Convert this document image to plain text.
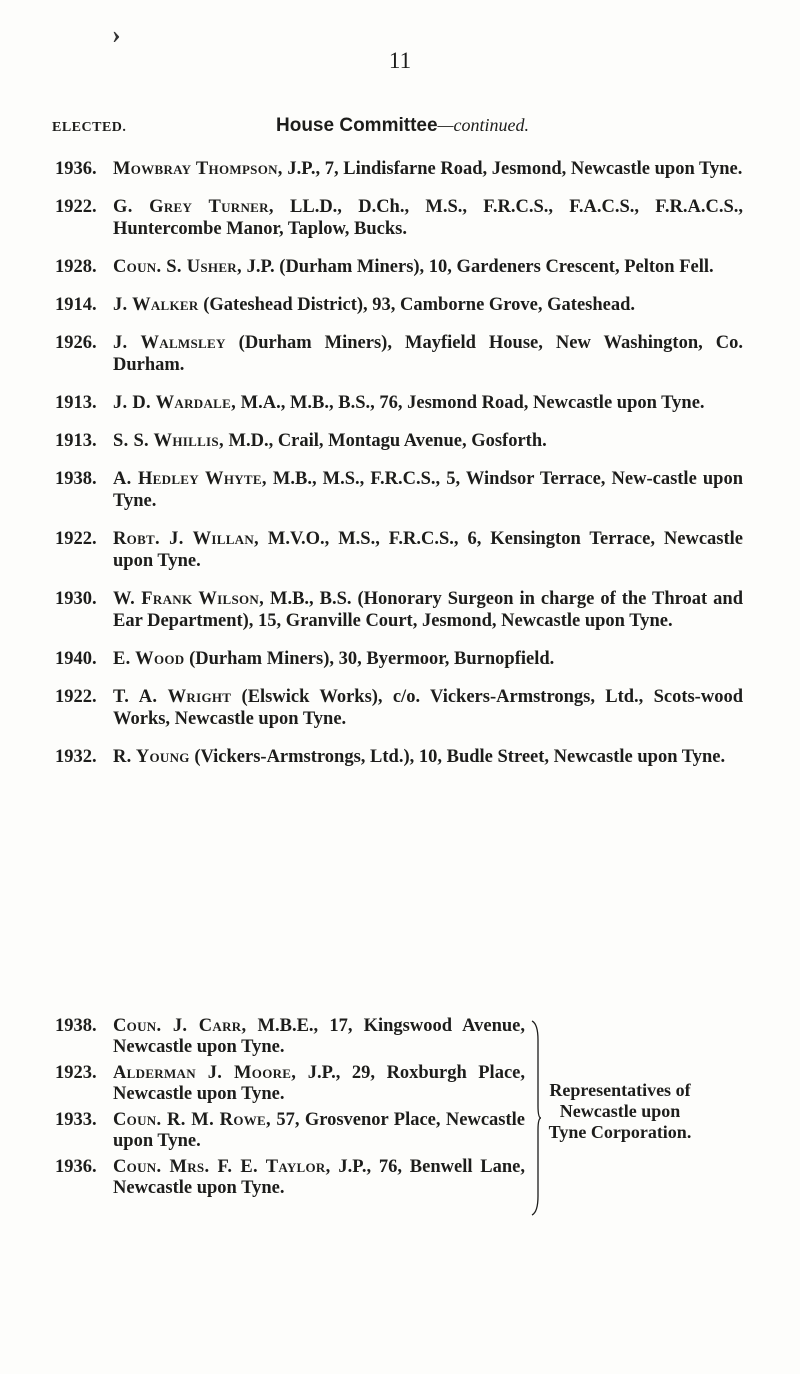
›
11
ELECTED.	House Committee—continued.
1936. Mowbray Thompson, J.P., 7, Lindisfarne Road, Jesmond, Newcastle upon Tyne.
1922. G. Grey Turner, LL.D., D.Ch., M.S., F.R.C.S., F.A.C.S., F.R.A.C.S., Huntercombe Manor, Taplow, Bucks.
1928. Coun. S. Usher, J.P. (Durham Miners), 10, Gardeners Crescent, Pelton Fell.
1914. J. Walker (Gateshead District), 93, Camborne Grove, Gateshead.
1926. J. Walmsley (Durham Miners), Mayfield House, New Washington, Co. Durham.
1913. J. D. Wardale, M.A., M.B., B.S., 76, Jesmond Road, Newcastle upon Tyne.
1913. S. S. Whillis, M.D., Crail, Montagu Avenue, Gosforth.
1938. A. Hedley Whyte, M.B., M.S., F.R.C.S., 5, Windsor Terrace, New-castle upon Tyne.
1922. Robt. J. Willan, M.V.O., M.S., F.R.C.S., 6, Kensington Terrace, Newcastle upon Tyne.
1930. W. Frank Wilson, M.B., B.S. (Honorary Surgeon in charge of the Throat and Ear Department), 15, Granville Court, Jesmond, Newcastle upon Tyne.
1940. E. Wood (Durham Miners), 30, Byermoor, Burnopfield.
1922. T. A. Wright (Elswick Works), c/o. Vickers-Armstrongs, Ltd., Scots-wood Works, Newcastle upon Tyne.
1932. R. Young (Vickers-Armstrongs, Ltd.), 10, Budle Street, Newcastle upon Tyne.
1938. Coun. J. Carr, M.B.E., 17, Kingswood Avenue, Newcastle upon Tyne.
1923. Alderman J. Moore, J.P., 29, Roxburgh Place, Newcastle upon Tyne.
1933. Coun. R. M. Rowe, 57, Grosvenor Place, Newcastle upon Tyne.
1936. Coun. Mrs. F. E. Taylor, J.P., 76, Benwell Lane, Newcastle upon Tyne.
Representatives of Newcastle upon Tyne Corporation.
